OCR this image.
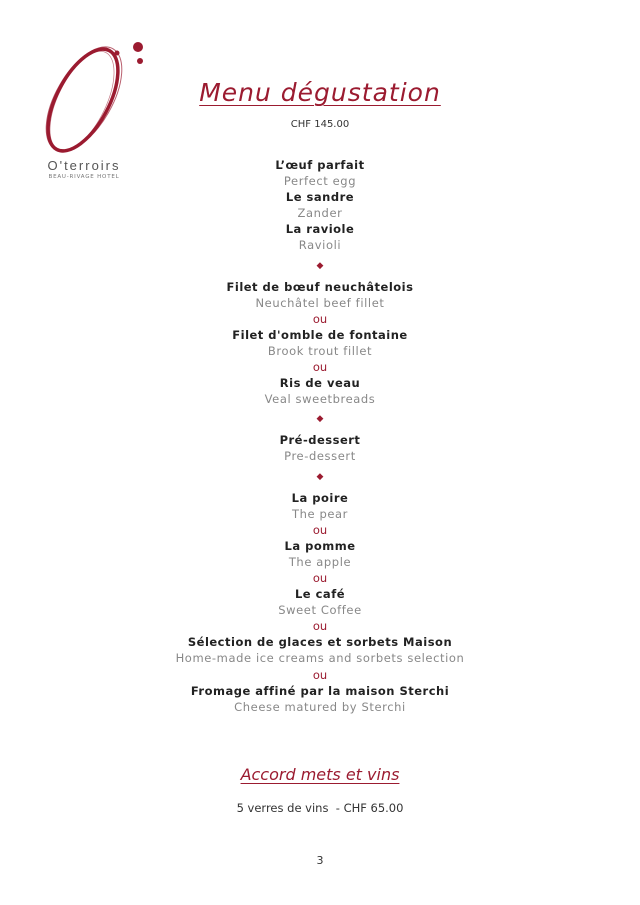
O'terroirs
BEAU-RIVAGE HOTEL
Menu dégustation
CHF 145.00
L’œuf parfait
Perfect egg
Le sandre
Zander
La raviole
Ravioli
◆
Filet de bœuf neuchâtelois
Neuchâtel beef fillet
ou
Filet d'omble de fontaine
Brook trout fillet
ou
Ris de veau
Veal sweetbreads
◆
Pré-dessert
Pre-dessert
◆
La poire
The pear
ou
La pomme
The apple
ou
Le café
Sweet Coffee
ou
Sélection de glaces et sorbets Maison
Home-made ice creams and sorbets selection
ou
Fromage affiné par la maison Sterchi
Cheese matured by Sterchi
Accord mets et vins
5 verres de vins  - CHF 65.00
3
